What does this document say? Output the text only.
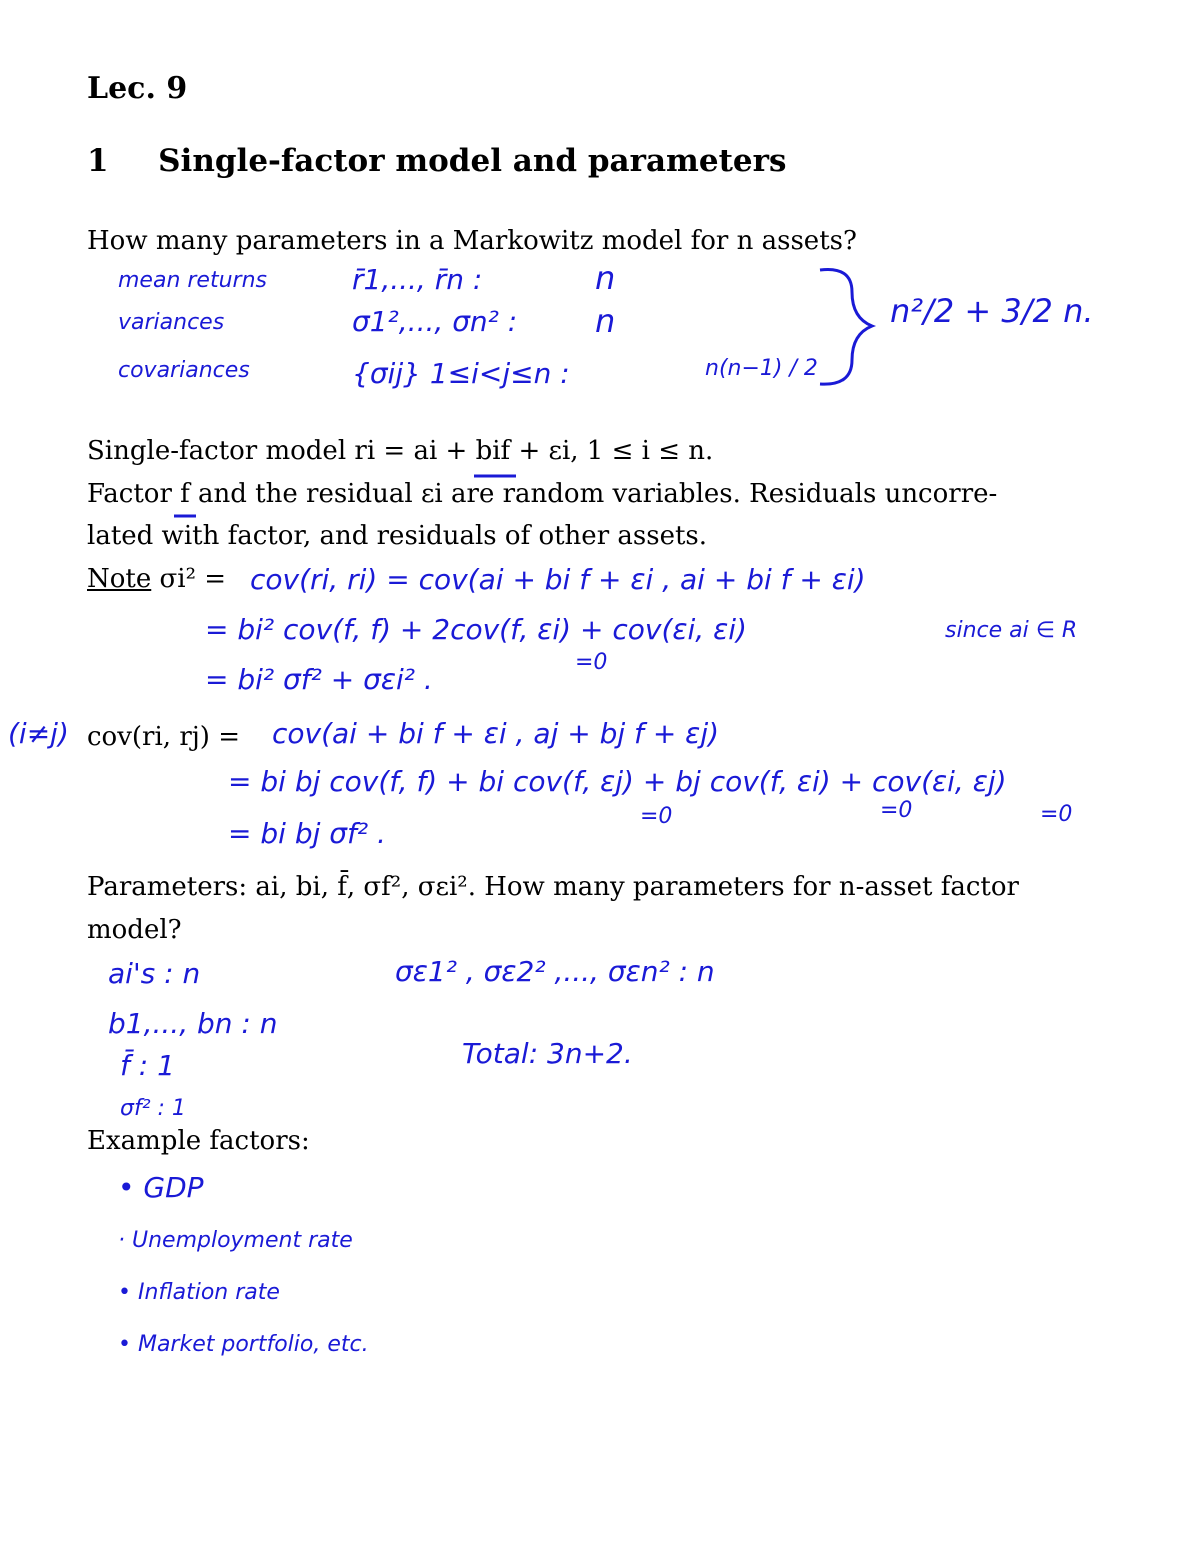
Lec. 9
1 Single-factor model and parameters
How many parameters in a Markowitz model for n assets?
mean returns	r̄1,..., r̄n :	n
variances	σ1²,..., σn² : n
covariances	{σij} 1≤i<j≤n :	n(n−1) / 2
n²/2 + 3/2 n.
Single-factor model ri = ai + bif + εi, 1 ≤ i ≤ n.
Factor f and the residual εi are random variables. Residuals uncorre-
lated with factor, and residuals of other assets.
Note σi² = cov(ri, ri) = cov(ai + bi f + εi , ai + bi f + εi)
= bi² cov(f, f) + 2cov(f, εi) + cov(εi, εi)
=0
since ai ∈ R
= bi² σf² + σεi² .
(i≠j) cov(ri, rj) = cov(ai + bi f + εi , aj + bj f + εj)
= bi bj cov(f, f) + bi cov(f, εj) + bj cov(f, εi) + cov(εi, εj)
=0	=0	=0
= bi bj σf² .
Parameters: ai, bi, f̄, σf², σεi². How many parameters for n-asset factor
model?
ai's : n
b1,..., bn : n
f̄ : 1
σf² : 1
σε1² , σε2² ,..., σεn² : n
Total: 3n+2.
Example factors:
• GDP
· Unemployment rate
• Inflation rate
• Market portfolio, etc.
